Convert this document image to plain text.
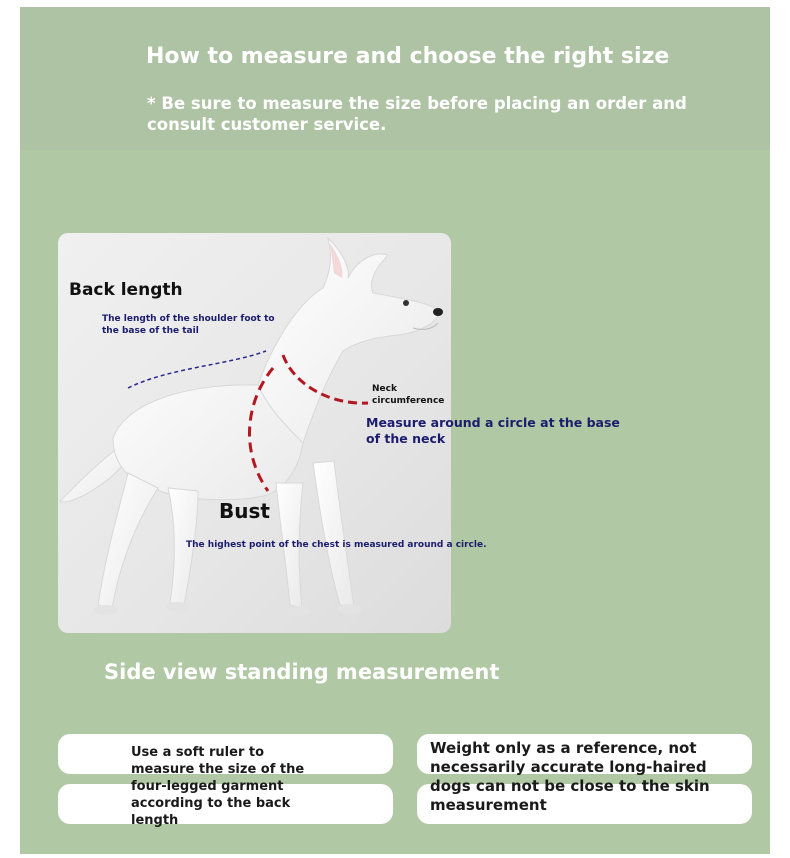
How to measure and choose the right size
* Be sure to measure the size before placing an order and consult customer service.
Back length
The length of the shoulder foot to the base of the tail
Neck circumference
Measure around a circle at the base of the neck
Bust
The highest point of the chest is measured around a circle.
Side view standing measurement
Use a soft ruler to measure the size of the four-legged garment according to the back length
Weight only as a reference, not necessarily accurate long-haired dogs can not be close to the skin measurement
